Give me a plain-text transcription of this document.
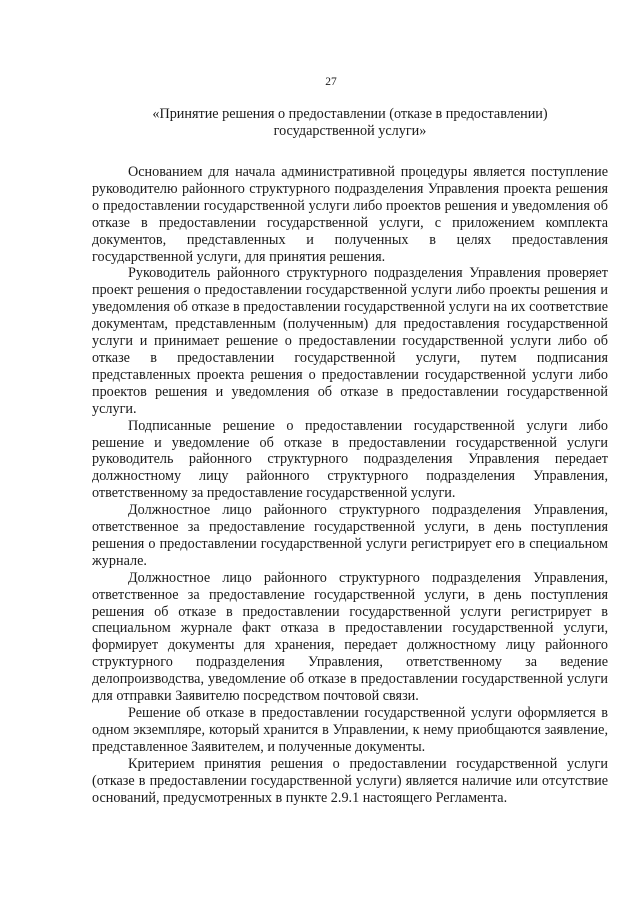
27
«Принятие решения о предоставлении (отказе в предоставлении)
государственной услуги»

Основанием для начала административной процедуры является поступление руководителю районного структурного подразделения Управления проекта решения о предоставлении государственной услуги либо проектов решения и уведомления об отказе в предоставлении государственной услуги, с приложением комплекта документов, представленных и полученных в целях предоставления государственной услуги, для принятия решения.

Руководитель районного структурного подразделения Управления проверяет проект решения о предоставлении государственной услуги либо проекты решения и уведомления об отказе в предоставлении государственной услуги на их соответствие документам, представленным (полученным) для предоставления государственной услуги и принимает решение о предоставлении государственной услуги либо об отказе в предоставлении государственной услуги, путем подписания представленных проекта решения о предоставлении государственной услуги либо проектов решения и уведомления об отказе в предоставлении государственной услуги.

Подписанные решение о предоставлении государственной услуги либо решение и уведомление об отказе в предоставлении государственной услуги руководитель районного структурного подразделения Управления передает должностному лицу районного структурного подразделения Управления, ответственному за предоставление государственной услуги.

Должностное лицо районного структурного подразделения Управления, ответственное за предоставление государственной услуги, в день поступления решения о предоставлении государственной услуги регистрирует его в специальном журнале.

Должностное лицо районного структурного подразделения Управления, ответственное за предоставление государственной услуги, в день поступления решения об отказе в предоставлении государственной услуги регистрирует в специальном журнале факт отказа в предоставлении государственной услуги, формирует документы для хранения, передает должностному лицу районного структурного подразделения Управления, ответственному за ведение делопроизводства, уведомление об отказе в предоставлении государственной услуги для отправки Заявителю посредством почтовой связи.

Решение об отказе в предоставлении государственной услуги оформляется в одном экземпляре, который хранится в Управлении, к нему приобщаются заявление, представленное Заявителем, и полученные документы.

Критерием принятия решения о предоставлении государственной услуги (отказе в предоставлении государственной услуги) является наличие или отсутствие оснований, предусмотренных в пункте 2.9.1 настоящего Регламента.
